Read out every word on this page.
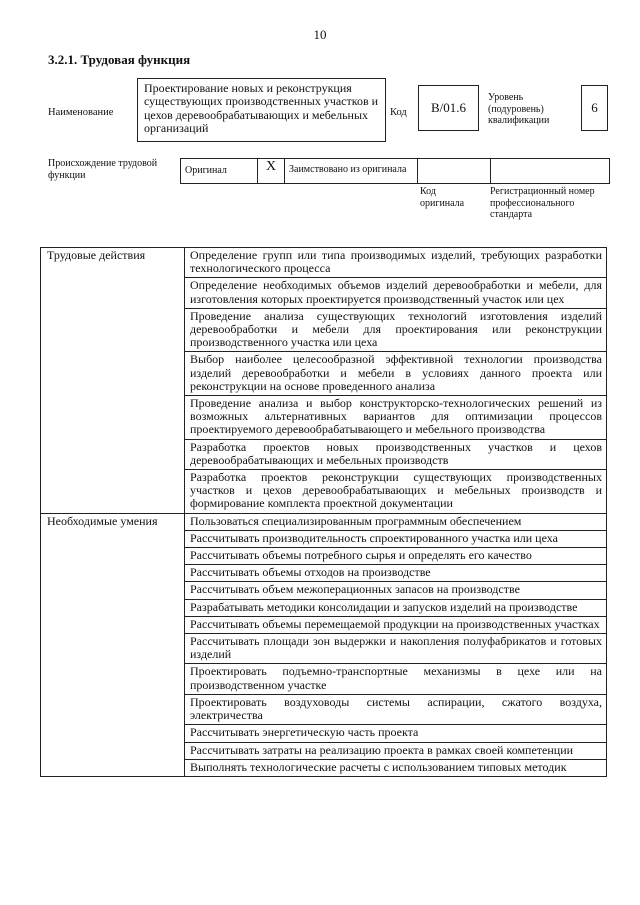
10
3.2.1. Трудовая функция
Наименование
Проектирование новых и реконструкция существующих производственных участков и цехов деревообрабатывающих и мебельных организаций
Код	B/01.6
Уровень (подуровень) квалификации
6
Происхождение трудовой функции	Оригинал	X	Заимствовано из оригинала		
Код оригинала
Регистрационный номер профессионального стандарта
Трудовые действия	Определение групп или типа производимых изделий, требующих разработки технологического процесса
	Определение необходимых объемов изделий деревообработки и мебели, для изготовления которых проектируется производственный участок или цех
	Проведение анализа существующих технологий изготовления изделий деревообработки и мебели для проектирования или реконструкции производственного участка или цеха
	Выбор наиболее целесообразной эффективной технологии производства изделий деревообработки и мебели в условиях данного проекта или реконструкции на основе проведенного анализа
	Проведение анализа и выбор конструкторско-технологических решений из возможных альтернативных вариантов для оптимизации процессов проектируемого деревообрабатывающего и мебельного производства
	Разработка проектов новых производственных участков и цехов деревообрабатывающих и мебельных производств
	Разработка проектов реконструкции существующих производственных участков и цехов деревообрабатывающих и мебельных производств и формирование комплекта проектной документации
Необходимые умения	Пользоваться специализированным программным обеспечением
	Рассчитывать производительность спроектированного участка или цеха
	Рассчитывать объемы потребного сырья и определять его качество
	Рассчитывать объемы отходов на производстве
	Рассчитывать объем межоперационных запасов на производстве
	Разрабатывать методики консолидации и запусков изделий на производстве
	Рассчитывать объемы перемещаемой продукции на производственных участках
	Рассчитывать площади зон выдержки и накопления полуфабрикатов и готовых изделий
	Проектировать подъемно-транспортные механизмы в цехе или на производственном участке
	Проектировать воздуховоды системы аспирации, сжатого воздуха, электричества
	Рассчитывать энергетическую часть проекта
	Рассчитывать затраты на реализацию проекта в рамках своей компетенции
	Выполнять технологические расчеты с использованием типовых методик
